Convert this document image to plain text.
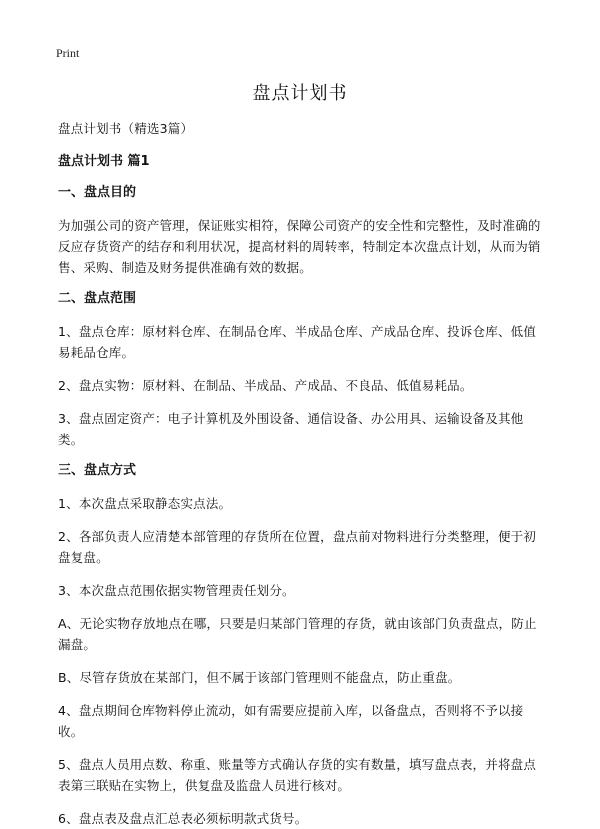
Print
盘点计划书

盘点计划书（精选3篇）

盘点计划书 篇1

一、盘点目的

为加强公司的资产管理，保证账实相符，保障公司资产的安全性和完整性，及时准确的反应存货资产的结存和利用状况，提高材料的周转率，特制定本次盘点计划，从而为销售、采购、制造及财务提供准确有效的数据。

二、盘点范围

1、盘点仓库：原材料仓库、在制品仓库、半成品仓库、产成品仓库、投诉仓库、低值易耗品仓库。

2、盘点实物：原材料、在制品、半成品、产成品、不良品、低值易耗品。

3、盘点固定资产：电子计算机及外围设备、通信设备、办公用具、运输设备及其他类。

三、盘点方式

1、本次盘点采取静态实点法。

2、各部负责人应清楚本部管理的存货所在位置，盘点前对物料进行分类整理，便于初盘复盘。

3、本次盘点范围依据实物管理责任划分。

A、无论实物存放地点在哪，只要是归某部门管理的存货，就由该部门负责盘点，防止漏盘。

B、尽管存货放在某部门，但不属于该部门管理则不能盘点，防止重盘。

4、盘点期间仓库物料停止流动，如有需要应提前入库，以备盘点，否则将不予以接收。

5、盘点人员用点数、称重、账量等方式确认存货的实有数量，填写盘点表，并将盘点表第三联贴在实物上，供复盘及监盘人员进行核对。

6、盘点表及盘点汇总表必须标明款式货号。
